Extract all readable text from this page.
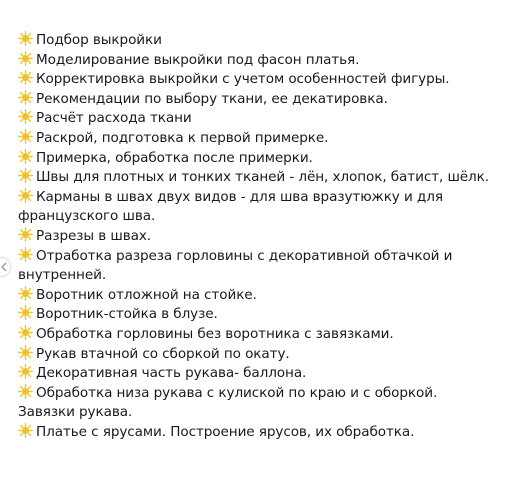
Подбор выкройки
Моделирование выкройки под фасон платья.
Корректировка выкройки с учетом особенностей фигуры.
Рекомендации по выбору ткани, ее декатировка.
Расчёт расхода ткани
Раскрой, подготовка к первой примерке.
Примерка, обработка после примерки.
Швы для плотных и тонких тканей - лён, хлопок, батист, шёлк.
Карманы в швах двух видов - для шва вразутюжку и для французского шва.
Разрезы в швах.
Отработка разреза горловины с декоративной обтачкой и внутренней.
Воротник отложной на стойке.
Воротник-стойка в блузе.
Обработка горловины без воротника с завязками.
Рукав втачной со сборкой по окату.
Декоративная часть рукава- баллона.
Обработка низа рукава с кулиской по краю и с оборкой. Завязки рукава.
Платье с ярусами. Построение ярусов, их обработка.
